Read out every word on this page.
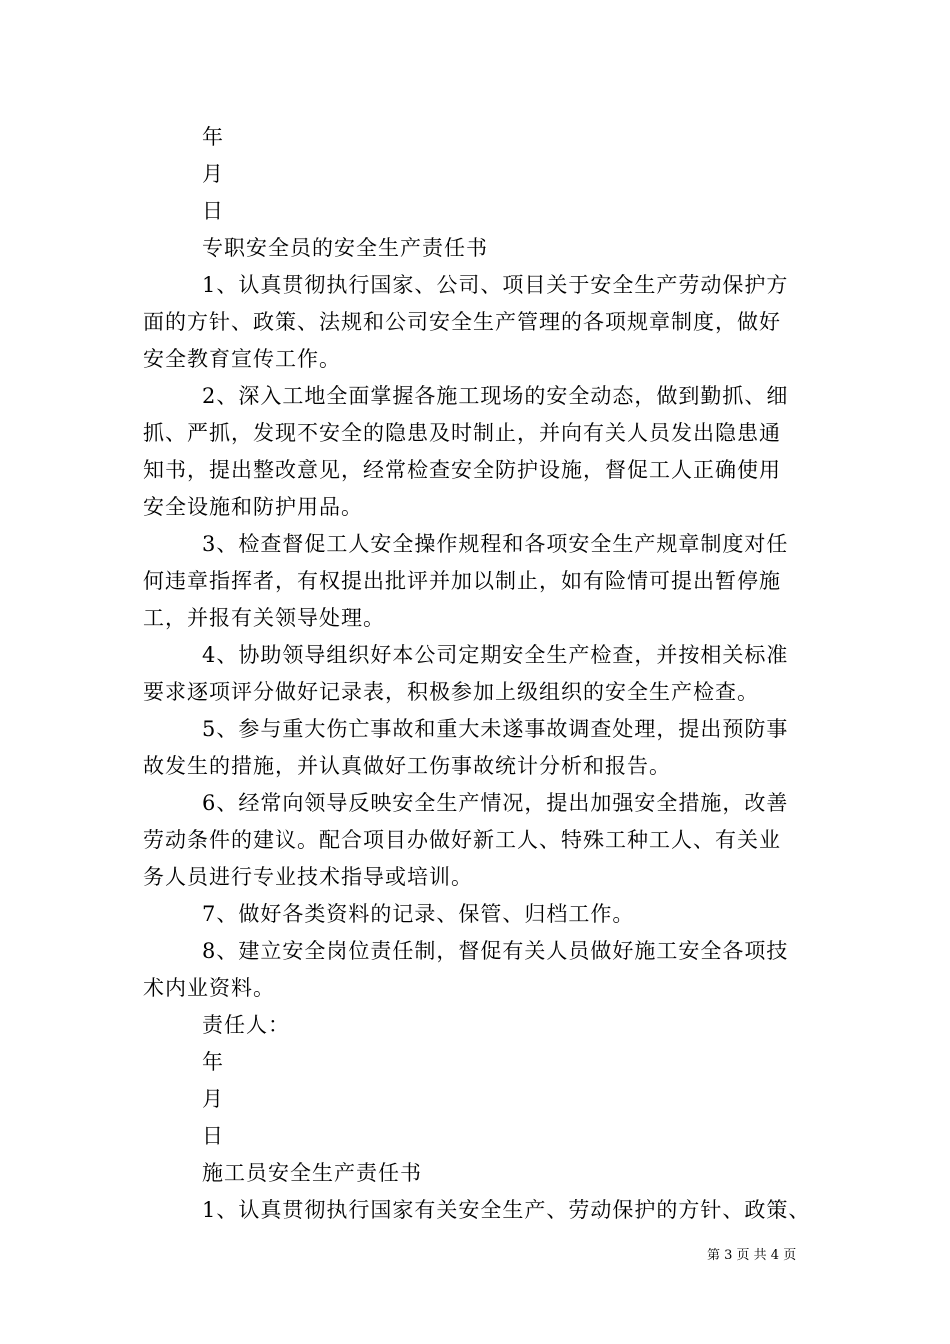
年
月
日
专职安全员的安全生产责任书
1、认真贯彻执行国家、公司、项目关于安全生产劳动保护方
面的方针、政策、法规和公司安全生产管理的各项规章制度，做好
安全教育宣传工作。
2、深入工地全面掌握各施工现场的安全动态，做到勤抓、细
抓、严抓，发现不安全的隐患及时制止，并向有关人员发出隐患通
知书，提出整改意见，经常检查安全防护设施，督促工人正确使用
安全设施和防护用品。
3、检查督促工人安全操作规程和各项安全生产规章制度对任
何违章指挥者，有权提出批评并加以制止，如有险情可提出暂停施
工，并报有关领导处理。
4、协助领导组织好本公司定期安全生产检查，并按相关标准
要求逐项评分做好记录表，积极参加上级组织的安全生产检查。
5、参与重大伤亡事故和重大未遂事故调查处理，提出预防事
故发生的措施，并认真做好工伤事故统计分析和报告。
6、经常向领导反映安全生产情况，提出加强安全措施，改善
劳动条件的建议。配合项目办做好新工人、特殊工种工人、有关业
务人员进行专业技术指导或培训。
7、做好各类资料的记录、保管、归档工作。
8、建立安全岗位责任制，督促有关人员做好施工安全各项技
术内业资料。
责任人：
年
月
日
施工员安全生产责任书
1、认真贯彻执行国家有关安全生产、劳动保护的方针、政策、
第 3 页 共 4 页
